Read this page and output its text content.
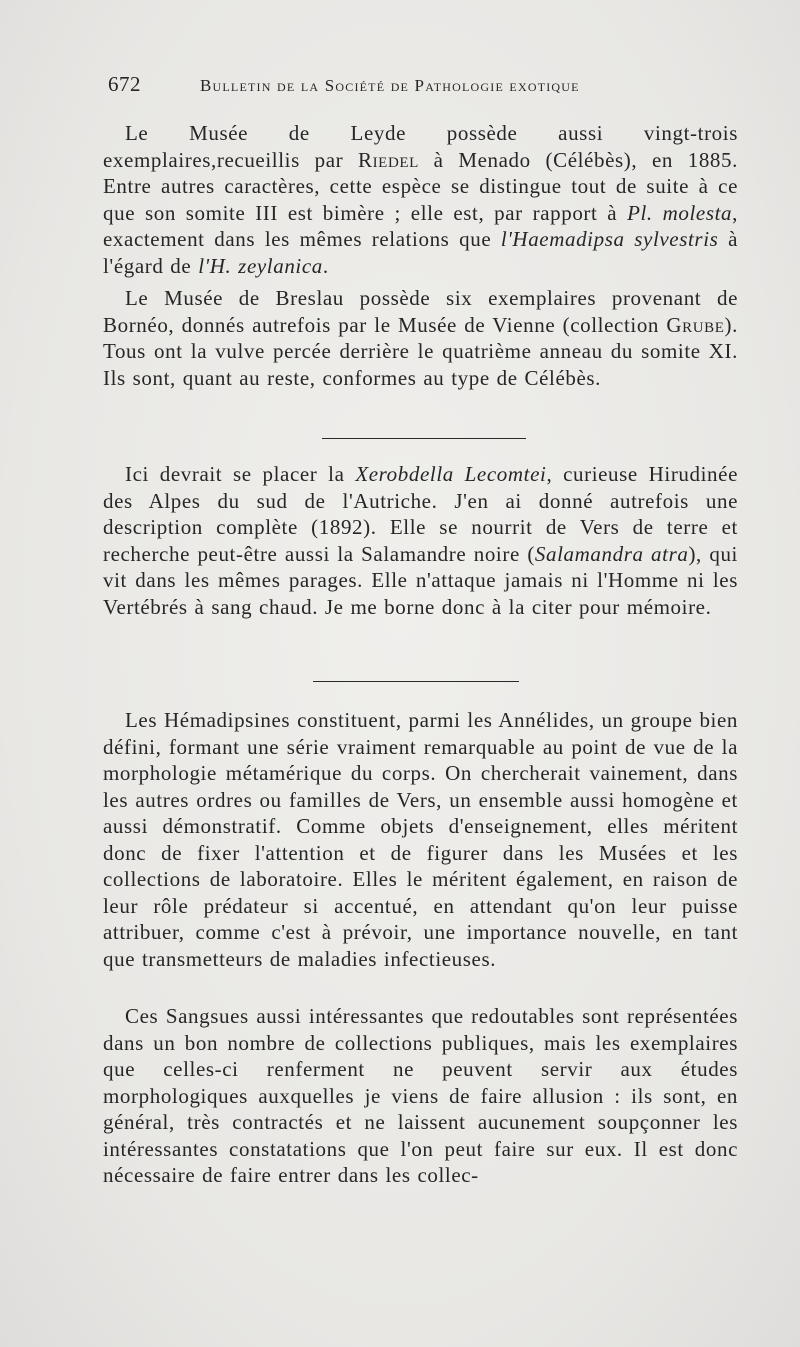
672	Bulletin de la Société de Pathologie exotique

Le Musée de Leyde possède aussi vingt-trois exemplaires,recueillis par Riedel à Menado (Célébès), en 1885. Entre autres caractères, cette espèce se distingue tout de suite à ce que son somite III est bimère ; elle est, par rapport à Pl. molesta, exactement dans les mêmes relations que l'Haemadipsa sylvestris à l'égard de l'H. zeylanica.

Le Musée de Breslau possède six exemplaires provenant de Bornéo, donnés autrefois par le Musée de Vienne (collection Grube). Tous ont la vulve percée derrière le quatrième anneau du somite XI. Ils sont, quant au reste, conformes au type de Célébès.

Ici devrait se placer la Xerobdella Lecomtei, curieuse Hirudinée des Alpes du sud de l'Autriche. J'en ai donné autrefois une description complète (1892). Elle se nourrit de Vers de terre et recherche peut-être aussi la Salamandre noire (Salamandra atra), qui vit dans les mêmes parages. Elle n'attaque jamais ni l'Homme ni les Vertébrés à sang chaud. Je me borne donc à la citer pour mémoire.

Les Hémadipsines constituent, parmi les Annélides, un groupe bien défini, formant une série vraiment remarquable au point de vue de la morphologie métamérique du corps. On chercherait vainement, dans les autres ordres ou familles de Vers, un ensemble aussi homogène et aussi démonstratif. Comme objets d'enseignement, elles méritent donc de fixer l'attention et de figurer dans les Musées et les collections de laboratoire. Elles le méritent également, en raison de leur rôle prédateur si accentué, en attendant qu'on leur puisse attribuer, comme c'est à prévoir, une importance nouvelle, en tant que transmetteurs de maladies infectieuses.

Ces Sangsues aussi intéressantes que redoutables sont représentées dans un bon nombre de collections publiques, mais les exemplaires que celles-ci renferment ne peuvent servir aux études morphologiques auxquelles je viens de faire allusion : ils sont, en général, très contractés et ne laissent aucunement soupçonner les intéressantes constatations que l'on peut faire sur eux. Il est donc nécessaire de faire entrer dans les collec-
